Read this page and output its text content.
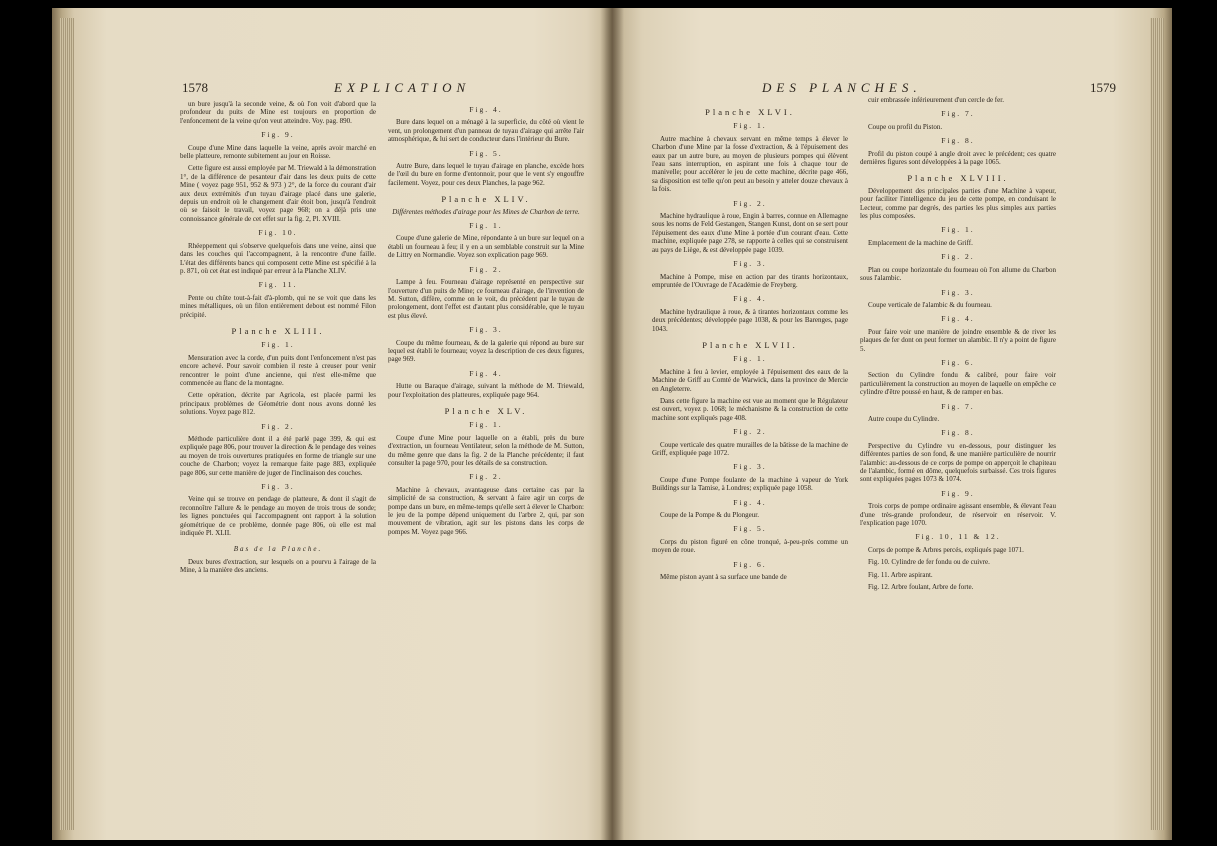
1578	EXPLICATION

un bure jusqu'à la seconde veine, & où l'on voit d'abord que la profondeur du puits de Mine est toujours en proportion de l'enfoncement de la veine qu'on veut atteindre. Voy. pag. 890.

Fig. 9.

Coupe d'une Mine dans laquelle la veine, après avoir marché en belle platteure, remonte subitement au jour en Roisse.

Cette figure est aussi employée par M. Triewald à la démonstration 1°, de la différence de pesanteur d'air dans les deux puits de cette Mine ( voyez page 951, 952 & 973 ) 2°, de la force du courant d'air aux deux extrémités d'un tuyau d'airage placé dans une galerie, depuis un endroit où le changement d'air étoit bon, jusqu'à l'endroit où se faisoit le travail, voyez page 968; on a déjà pris une connoissance générale de cet effet sur la fig. 2, Pl. XVIII.

Fig. 10.

Rhéeppement qui s'observe quelquefois dans une veine, ainsi que dans les couches qui l'accompagnent, à la rencontre d'une faille. L'état des différents bancs qui composent cette Mine est spécifié à la p. 871, où cet état est indiqué par erreur à la Planche XLIV.

Fig. 11.

Pente ou chûte tout-à-fait d'à-plomb, qui ne se voit que dans les mines métalliques, où un filon entièrement debout est nommé Filon précipité.

Planche XLIII.
Fig. 1.

Mensuration avec la corde, d'un puits dont l'enfoncement n'est pas encore achevé. Pour savoir combien il reste à creuser pour venir rencontrer le point d'une ancienne, qui n'est elle-même que commencée au flanc de la montagne.

Cette opération, décrite par Agricola, est placée parmi les principaux problèmes de Géométrie dont nous avons donné les solutions. Voyez page 812.

Fig. 2.

Méthode particulière dont il a été parlé page 399, & qui est expliquée page 806, pour trouver la direction & le pendage des veines au moyen de trois ouvertures pratiquées en forme de triangle sur une couche de Charbon; voyez la remarque faite page 883, expliquée page 806, sur cette manière de juger de l'inclinaison des couches.

Fig. 3.

Veine qui se trouve en pendage de platteure, & dont il s'agit de reconnoître l'allure & le pendage au moyen de trois trous de sonde; les lignes ponctuées qui l'accompagnent ont rapport à la solution géométrique de ce problème, donnée page 806, où elle est mal indiquée Pl. XLII.

Bas de la Planche.

Deux bures d'extraction, sur lesquels on a pourvu à l'airage de la Mine, à la manière des anciens.

Fig. 4.

Bure dans lequel on a ménagé à la superficie, du côté où vient le vent, un prolongement d'un panneau de tuyau d'airage qui arrête l'air atmosphérique, & lui sert de conducteur dans l'intérieur du Bure.

Fig. 5.

Autre Bure, dans lequel le tuyau d'airage en planche, excède hors de l'œil du bure en forme d'entonnoir, pour que le vent s'y engouffre facilement. Voyez, pour ces deux Planches, la page 962.

Planche XLIV.
Différentes méthodes d'airage pour les Mines de Charbon de terre.
Fig. 1.

Coupe d'une galerie de Mine, répondante à un bure sur lequel on a établi un fourneau à feu; il y en a un semblable construit sur la Mine de Littry en Normandie. Voyez son explication page 969.

Fig. 2.

Lampe à feu. Fourneau d'airage représenté en perspective sur l'ouverture d'un puits de Mine; ce fourneau d'airage, de l'invention de M. Sutton, diffère, comme on le voit, du précédent par le tuyau de prolongement, dont l'effet est d'autant plus considérable, que le tuyau est plus élevé.

Fig. 3.

Coupe du même fourneau, & de la galerie qui répond au bure sur lequel est établi le fourneau; voyez la description de ces deux figures, page 969.

Fig. 4.

Hutte ou Baraque d'airage, suivant la méthode de M. Triewald, pour l'exploitation des platteures, expliquée page 964.

Planche XLV.
Fig. 1.

Coupe d'une Mine pour laquelle on a établi, près du bure d'extraction, un fourneau Ventilateur, selon la méthode de M. Sutton, du même genre que dans la fig. 2 de la Planche précédente; il faut consulter la page 970, pour les détails de sa construction.

Fig. 2.

Machine à chevaux, avantageuse dans certaine cas par la simplicité de sa construction, & servant à faire agir un corps de pompe dans un bure, en même-temps qu'elle sert à élever le Charbon: le jeu de la pompe dépend uniquement du l'arbre 2, qui, par son mouvement de vibration, agit sur les pistons dans les corps de pompes M. Voyez page 966.

DES PLANCHES.	1579
Planche XLVI.
Fig. 1.

Autre machine à chevaux servant en même temps à élever le Charbon d'une Mine par la fosse d'extraction, & à l'épuisement des eaux par un autre bure, au moyen de plusieurs pompes qui élèvent l'eau sans interruption, en aspirant une fois à chaque tour de manivelle; pour accélérer le jeu de cette machine, décrite page 466, sa disposition est telle qu'on peut au besoin y atteler douze chevaux à la fois.

Fig. 2.

Machine hydraulique à roue, Engin à barres, connue en Allemagne sous les noms de Feld Gestangen, Stangen Kunst, dont on se sert pour l'épuisement des eaux d'une Mine à portée d'un courant d'eau. Cette machine, expliquée page 278, se rapporte à celles qui se construisent au pays de Liège, & est développée page 1039.

Fig. 3.

Machine à Pompe, mise en action par des tirants horizontaux, empruntée de l'Ouvrage de l'Académie de Freyberg.

Fig. 4.

Machine hydraulique à roue, & à tirantes horizontaux comme les deux précédentes; développée page 1038, & pour les Barenges, page 1043.

Planche XLVII.
Fig. 1.

Machine à feu à levier, employée à l'épuisement des eaux de la Machine de Griff au Comté de Warwick, dans la province de Mercie en Angleterre.

Dans cette figure la machine est vue au moment que le Régulateur est ouvert, voyez p. 1068; le méchanisme & la construction de cette machine sont expliqués page 408.

Fig. 2.

Coupe verticale des quatre murailles de la bâtisse de la machine de Griff, expliquée page 1072.

Fig. 3.

Coupe d'une Pompe foulante de la machine à vapeur de York Buildings sur la Tamise, à Londres; expliquée page 1058.

Fig. 4.

Coupe de la Pompe & du Plongeur.

Fig. 5.

Corps du piston figuré en cône tronqué, à-peu-près comme un moyen de roue.

Fig. 6.

Même piston ayant à sa surface une bande de

cuir embrassée inférieurement d'un cercle de fer.

Fig. 7.

Coupe ou profil du Piston.

Fig. 8.

Profil du piston coupé à angle droit avec le précédent; ces quatre dernières figures sont développées à la page 1065.

Planche XLVIII.

Développement des principales parties d'une Machine à vapeur, pour faciliter l'intelligence du jeu de cette pompe, en conduisant le Lecteur, comme par degrés, des parties les plus simples aux parties les plus composées.

Fig. 1.

Emplacement de la machine de Griff.

Fig. 2.

Plan ou coupe horizontale du fourneau où l'on allume du Charbon sous l'alambic.

Fig. 3.

Coupe verticale de l'alambic & du fourneau.

Fig. 4.

Pour faire voir une manière de joindre ensemble & de river les plaques de fer dont on peut former un alambic. Il n'y a point de figure 5.

Fig. 6.

Section du Cylindre fondu & calibré, pour faire voir particulièrement la construction au moyen de laquelle on empêche ce cylindre d'être poussé en haut, & de ramper en bas.

Fig. 7.

Autre coupe du Cylindre.

Fig. 8.

Perspective du Cylindre vu en-dessous, pour distinguer les différentes parties de son fond, & une manière particulière de nourrir l'alambic: au-dessous de ce corps de pompe on apperçoit le chapiteau de l'alambic, formé en dôme, quelquefois surbaissé. Ces trois figures sont expliquées pages 1073 & 1074.

Fig. 9.

Trois corps de pompe ordinaire agissant ensemble, & élevant l'eau d'une très-grande profondeur, de réservoir en réservoir. V. l'explication page 1070.

Fig. 10, 11 & 12.

Corps de pompe & Arbres percés, expliqués page 1071.

Fig. 10. Cylindre de fer fondu ou de cuivre.

Fig. 11. Arbre aspirant.

Fig. 12. Arbre foulant, Arbre de forte.
